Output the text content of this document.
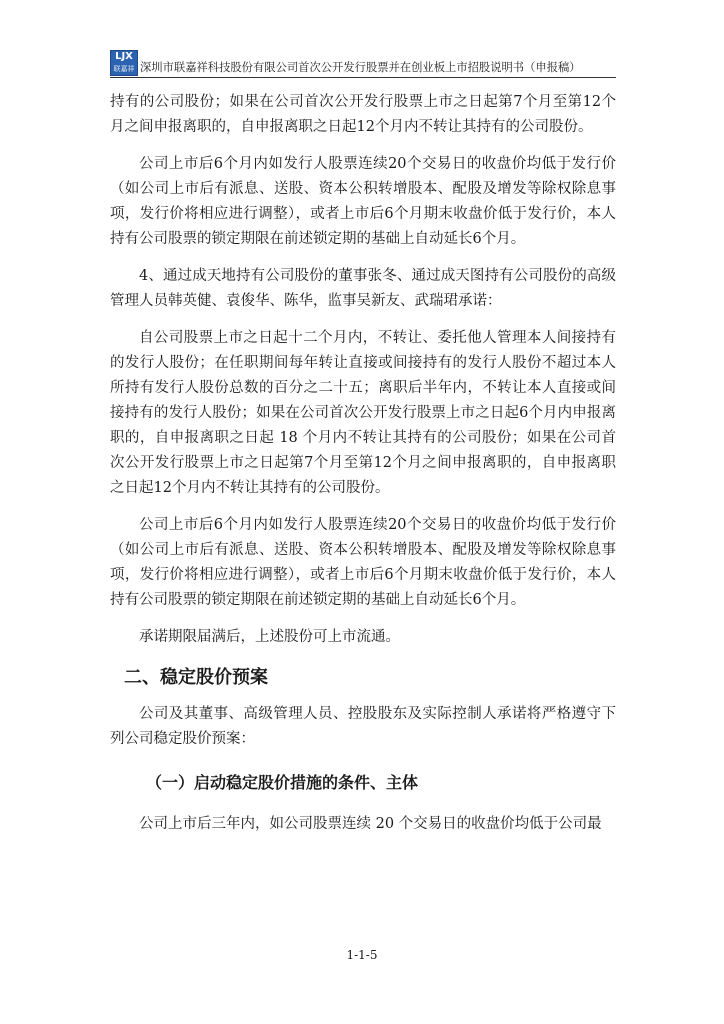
LJX
联嘉祥 深圳市联嘉祥科技股份有限公司首次公开发行股票并在创业板上市招股说明书（申报稿）

持有的公司股份；如果在公司首次公开发行股票上市之日起第7个月至第12个月之间申报离职的，自申报离职之日起12个月内不转让其持有的公司股份。

公司上市后6个月内如发行人股票连续20个交易日的收盘价均低于发行价（如公司上市后有派息、送股、资本公积转增股本、配股及增发等除权除息事项，发行价将相应进行调整），或者上市后6个月期末收盘价低于发行价，本人持有公司股票的锁定期限在前述锁定期的基础上自动延长6个月。

4、通过成天地持有公司股份的董事张冬、通过成天图持有公司股份的高级管理人员韩英健、袁俊华、陈华，监事吴新友、武瑞珺承诺：

自公司股票上市之日起十二个月内，不转让、委托他人管理本人间接持有的发行人股份；在任职期间每年转让直接或间接持有的发行人股份不超过本人所持有发行人股份总数的百分之二十五；离职后半年内，不转让本人直接或间接持有的发行人股份；如果在公司首次公开发行股票上市之日起6个月内申报离职的，自申报离职之日起 18 个月内不转让其持有的公司股份；如果在公司首次公开发行股票上市之日起第7个月至第12个月之间申报离职的，自申报离职之日起12个月内不转让其持有的公司股份。

公司上市后6个月内如发行人股票连续20个交易日的收盘价均低于发行价（如公司上市后有派息、送股、资本公积转增股本、配股及增发等除权除息事项，发行价将相应进行调整），或者上市后6个月期末收盘价低于发行价，本人持有公司股票的锁定期限在前述锁定期的基础上自动延长6个月。

承诺期限届满后，上述股份可上市流通。

二、稳定股价预案

公司及其董事、高级管理人员、控股股东及实际控制人承诺将严格遵守下列公司稳定股价预案：

（一）启动稳定股价措施的条件、主体

公司上市后三年内，如公司股票连续 20 个交易日的收盘价均低于公司最

1-1-5
